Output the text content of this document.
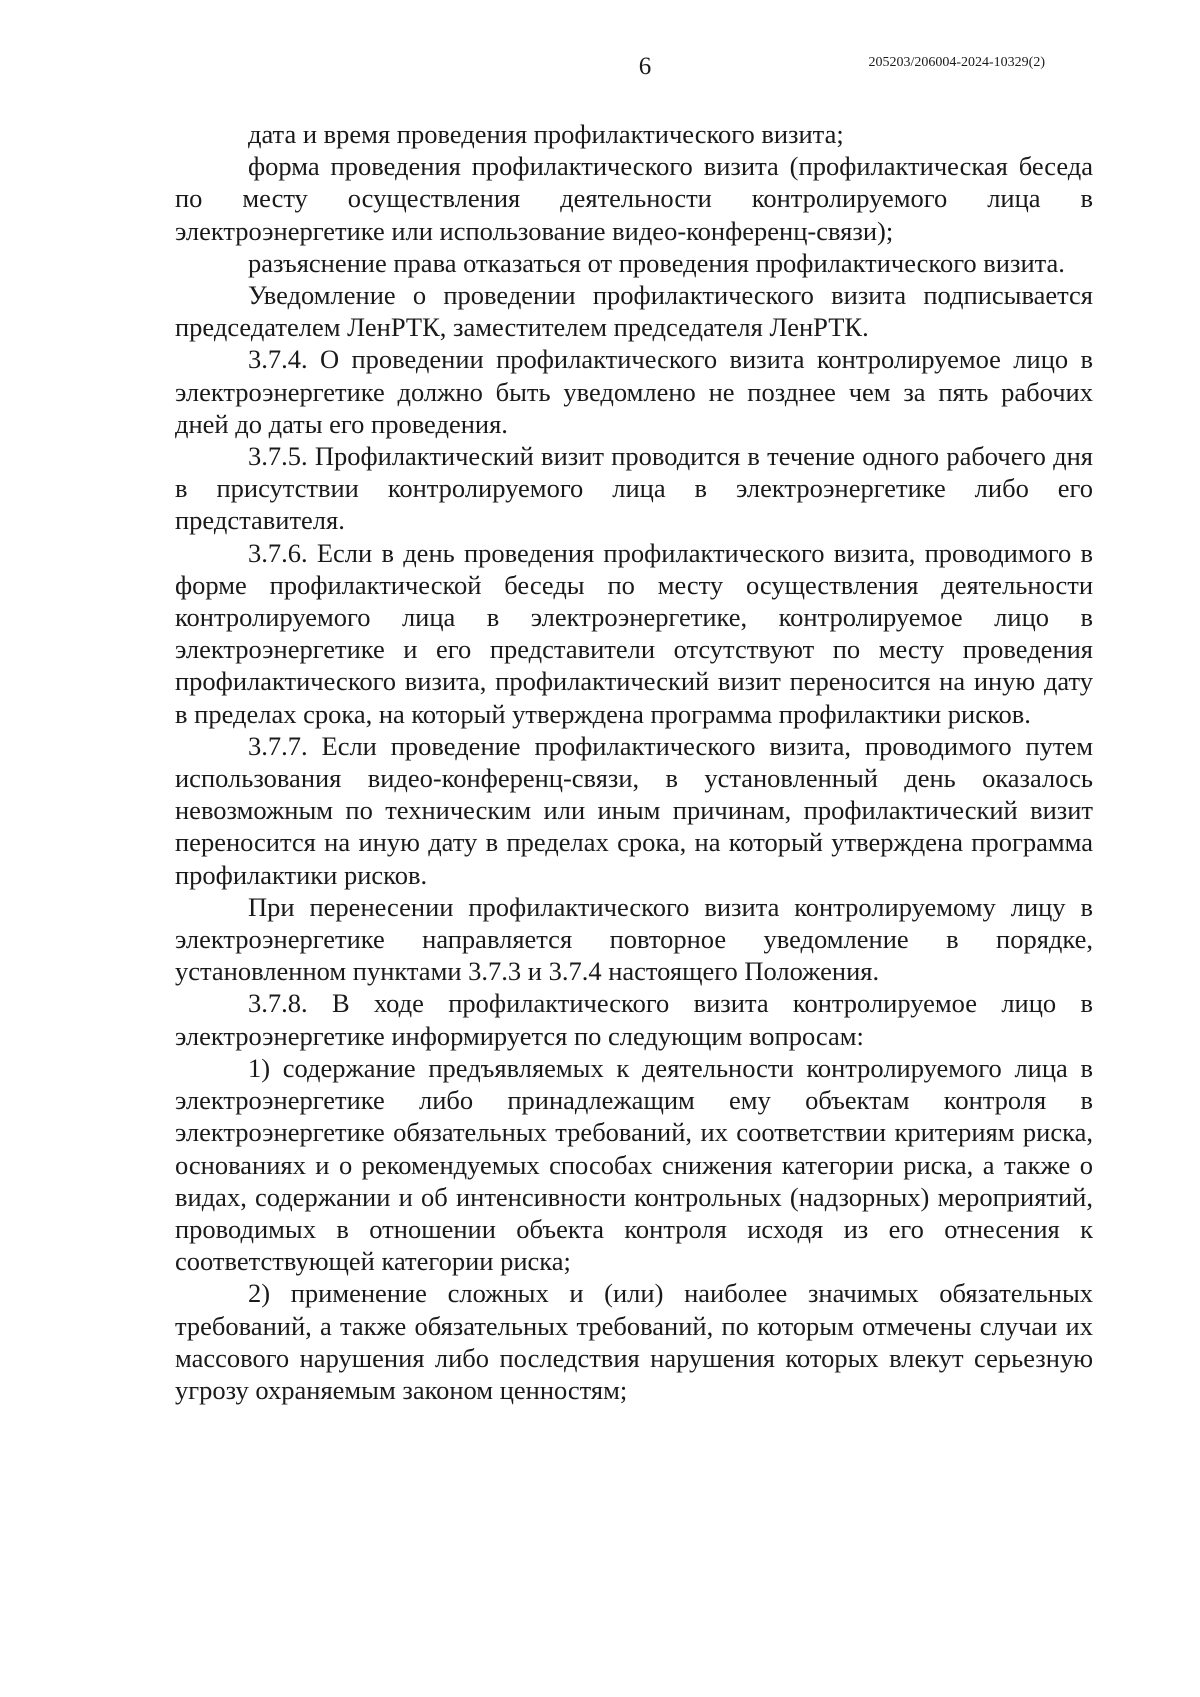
6	205203/206004-2024-10329(2)

дата и время проведения профилактического визита;

форма проведения профилактического визита (профилактическая беседа по месту осуществления деятельности контролируемого лица в электроэнергетике или использование видео-конференц-связи);

разъяснение права отказаться от проведения профилактического визита.

Уведомление о проведении профилактического визита подписывается председателем ЛенРТК, заместителем председателя ЛенРТК.

3.7.4. О проведении профилактического визита контролируемое лицо в электроэнергетике должно быть уведомлено не позднее чем за пять рабочих дней до даты его проведения.

3.7.5. Профилактический визит проводится в течение одного рабочего дня в присутствии контролируемого лица в электроэнергетике либо его представителя.

3.7.6. Если в день проведения профилактического визита, проводимого в форме профилактической беседы по месту осуществления деятельности контролируемого лица в электроэнергетике, контролируемое лицо в электроэнергетике и его представители отсутствуют по месту проведения профилактического визита, профилактический визит переносится на иную дату в пределах срока, на который утверждена программа профилактики рисков.

3.7.7. Если проведение профилактического визита, проводимого путем использования видео-конференц-связи, в установленный день оказалось невозможным по техническим или иным причинам, профилактический визит переносится на иную дату в пределах срока, на который утверждена программа профилактики рисков.

При перенесении профилактического визита контролируемому лицу в электроэнергетике направляется повторное уведомление в порядке, установленном пунктами 3.7.3 и 3.7.4 настоящего Положения.

3.7.8. В ходе профилактического визита контролируемое лицо в электроэнергетике информируется по следующим вопросам:

1) содержание предъявляемых к деятельности контролируемого лица в электроэнергетике либо принадлежащим ему объектам контроля в электроэнергетике обязательных требований, их соответствии критериям риска, основаниях и о рекомендуемых способах снижения категории риска, а также о видах, содержании и об интенсивности контрольных (надзорных) мероприятий, проводимых в отношении объекта контроля исходя из его отнесения к соответствующей категории риска;

2) применение сложных и (или) наиболее значимых обязательных требований, а также обязательных требований, по которым отмечены случаи их массового нарушения либо последствия нарушения которых влекут серьезную угрозу охраняемым законом ценностям;
